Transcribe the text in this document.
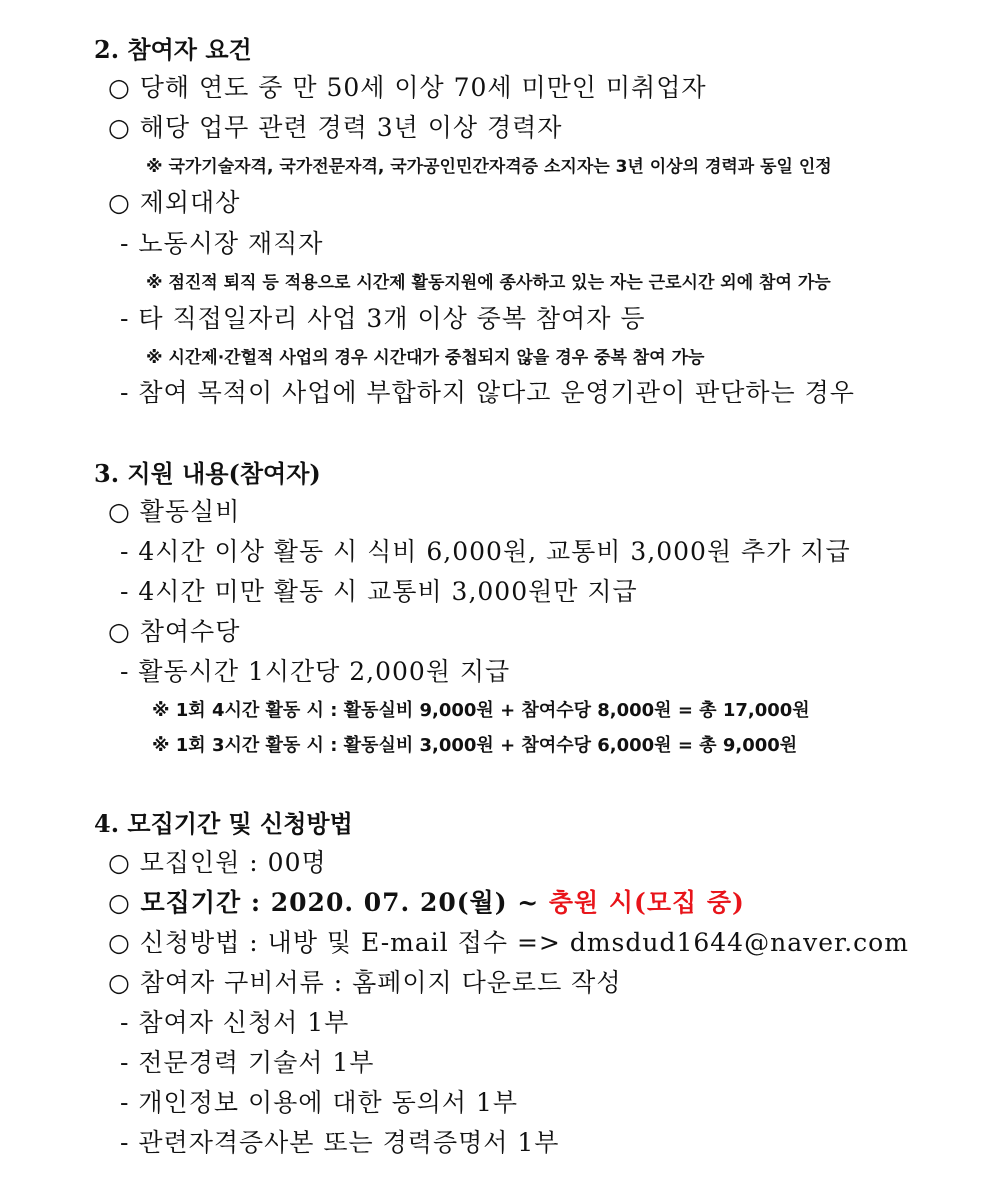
2. 참여자 요건
○ 당해 연도 중 만 50세 이상 70세 미만인 미취업자
○ 해당 업무 관련 경력 3년 이상 경력자
※ 국가기술자격, 국가전문자격, 국가공인민간자격증 소지자는 3년 이상의 경력과 동일 인정
○ 제외대상
- 노동시장 재직자
※ 점진적 퇴직 등 적용으로 시간제 활동지원에 종사하고 있는 자는 근로시간 외에 참여 가능
- 타 직접일자리 사업 3개 이상 중복 참여자 등
※ 시간제·간헐적 사업의 경우 시간대가 중첩되지 않을 경우 중복 참여 가능
- 참여 목적이 사업에 부합하지 않다고 운영기관이 판단하는 경우
3. 지원 내용(참여자)
○ 활동실비
- 4시간 이상 활동 시 식비 6,000원, 교통비 3,000원 추가 지급
- 4시간 미만 활동 시 교통비 3,000원만 지급
○ 참여수당
- 활동시간 1시간당 2,000원 지급
※ 1회 4시간 활동 시 : 활동실비 9,000원 + 참여수당 8,000원 = 총 17,000원
※ 1회 3시간 활동 시 : 활동실비 3,000원 + 참여수당 6,000원 = 총 9,000원
4. 모집기간 및 신청방법
○ 모집인원 : 00명
○ 모집기간 : 2020. 07. 20(월) ~ 충원 시(모집 중)
○ 신청방법 : 내방 및 E-mail 접수 => dmsdud1644@naver.com
○ 참여자 구비서류 : 홈페이지 다운로드 작성
- 참여자 신청서 1부
- 전문경력 기술서 1부
- 개인정보 이용에 대한 동의서 1부
- 관련자격증사본 또는 경력증명서 1부
